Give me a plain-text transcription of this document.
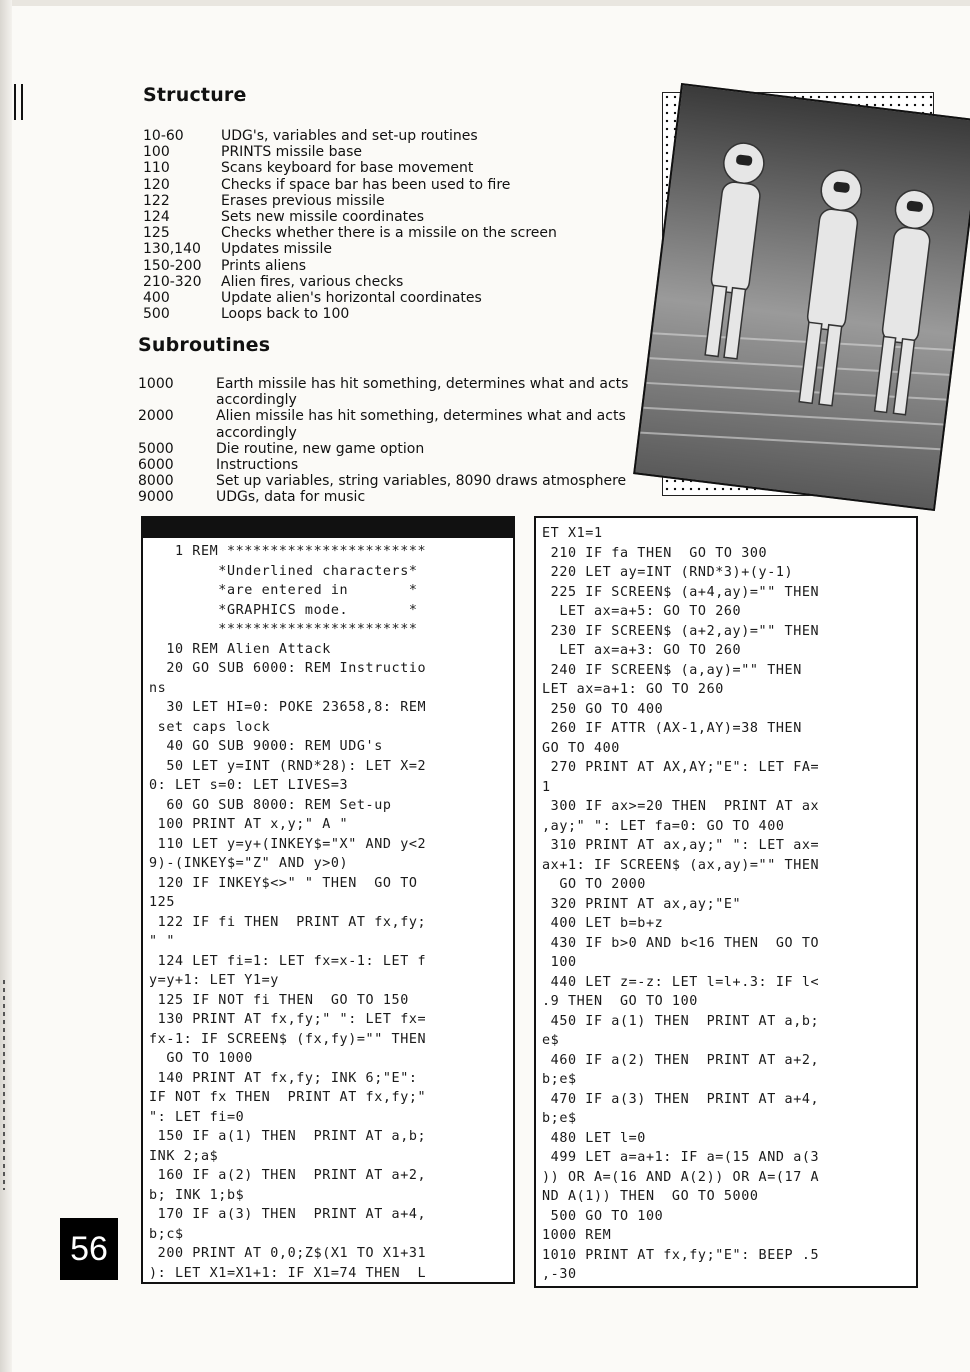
Structure
10-60	UDG's, variables and set-up routines
100	PRINTS missile base
110	Scans keyboard for base movement
120	Checks if space bar has been used to fire
122	Erases previous missile
124	Sets new missile coordinates
125	Checks whether there is a missile on the screen
130,140	Updates missile
150-200	Prints aliens
210-320	Alien fires, various checks
400	Update alien's horizontal coordinates
500	Loops back to 100
Subroutines
1000	Earth missile has hit something, determines what and acts accordingly
2000	Alien missile has hit something, determines what and acts accordingly
5000	Die routine, new game option
6000	Instructions
8000	Set up variables, string variables, 8090 draws atmosphere
9000	UDGs, data for music
1 REM ***********************
*Underlined characters*
*are entered in       *
*GRAPHICS mode.       *
***********************
10 REM Alien Attack
20 GO SUB 6000: REM Instructio
ns
30 LET HI=0: POKE 23658,8: REM
set caps lock
40 GO SUB 9000: REM UDG's
50 LET y=INT (RND*28): LET X=2
0: LET s=0: LET LIVES=3
60 GO SUB 8000: REM Set-up
100 PRINT AT x,y;" A "
110 LET y=y+(INKEY$="X" AND y<2
9)-(INKEY$="Z" AND y>0)
120 IF INKEY$<>" " THEN  GO TO
125
122 IF fi THEN  PRINT AT fx,fy;
" "
124 LET fi=1: LET fx=x-1: LET f
y=y+1: LET Y1=y
125 IF NOT fi THEN  GO TO 150
130 PRINT AT fx,fy;" ": LET fx=
fx-1: IF SCREEN$ (fx,fy)="" THEN
GO TO 1000
140 PRINT AT fx,fy; INK 6;"E":
IF NOT fx THEN  PRINT AT fx,fy;"
": LET fi=0
150 IF a(1) THEN  PRINT AT a,b;
INK 2;a$
160 IF a(2) THEN  PRINT AT a+2,
b; INK 1;b$
170 IF a(3) THEN  PRINT AT a+4,
b;c$
200 PRINT AT 0,0;Z$(X1 TO X1+31
): LET X1=X1+1: IF X1=74 THEN  L
ET X1=1
210 IF fa THEN  GO TO 300
220 LET ay=INT (RND*3)+(y-1)
225 IF SCREEN$ (a+4,ay)="" THEN
LET ax=a+5: GO TO 260
230 IF SCREEN$ (a+2,ay)="" THEN
LET ax=a+3: GO TO 260
240 IF SCREEN$ (a,ay)="" THEN
LET ax=a+1: GO TO 260
250 GO TO 400
260 IF ATTR (AX-1,AY)=38 THEN
GO TO 400
270 PRINT AT AX,AY;"E": LET FA=
1
300 IF ax>=20 THEN  PRINT AT ax
,ay;" ": LET fa=0: GO TO 400
310 PRINT AT ax,ay;" ": LET ax=
ax+1: IF SCREEN$ (ax,ay)="" THEN
GO TO 2000
320 PRINT AT ax,ay;"E"
400 LET b=b+z
430 IF b>0 AND b<16 THEN  GO TO
100
440 LET z=-z: LET l=l+.3: IF l<
.9 THEN  GO TO 100
450 IF a(1) THEN  PRINT AT a,b;
e$
460 IF a(2) THEN  PRINT AT a+2,
b;e$
470 IF a(3) THEN  PRINT AT a+4,
b;e$
480 LET l=0
499 LET a=a+1: IF a=(15 AND a(3
)) OR A=(16 AND A(2)) OR A=(17 A
ND A(1)) THEN  GO TO 5000
500 GO TO 100
1000 REM
1010 PRINT AT fx,fy;"E": BEEP .5
,-30
56
